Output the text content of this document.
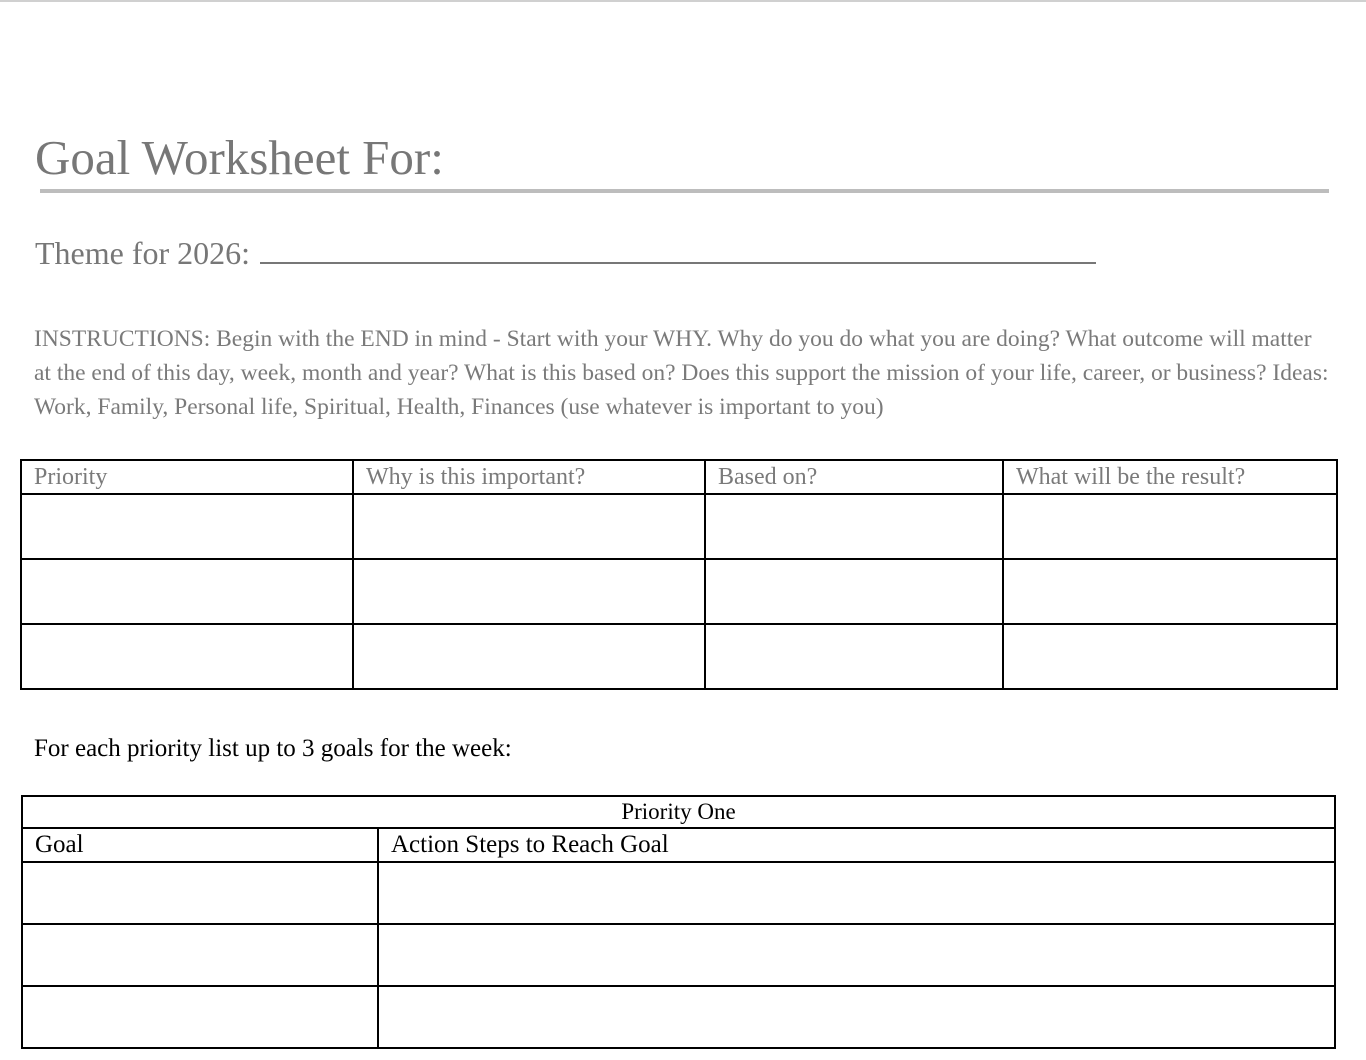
Goal Worksheet For:
Theme for 2026:
INSTRUCTIONS: Begin with the END in mind - Start with your WHY. Why do you do what you are doing? What outcome will matter at the end of this day, week, month and year? What is this based on? Does this support the mission of your life, career, or business? Ideas: Work, Family, Personal life, Spiritual, Health, Finances (use whatever is important to you)
Priority	Why is this important?	Based on?	What will be the result?

For each priority list up to 3 goals for the week:
Priority One	
Goal	Action Steps to Reach Goal
